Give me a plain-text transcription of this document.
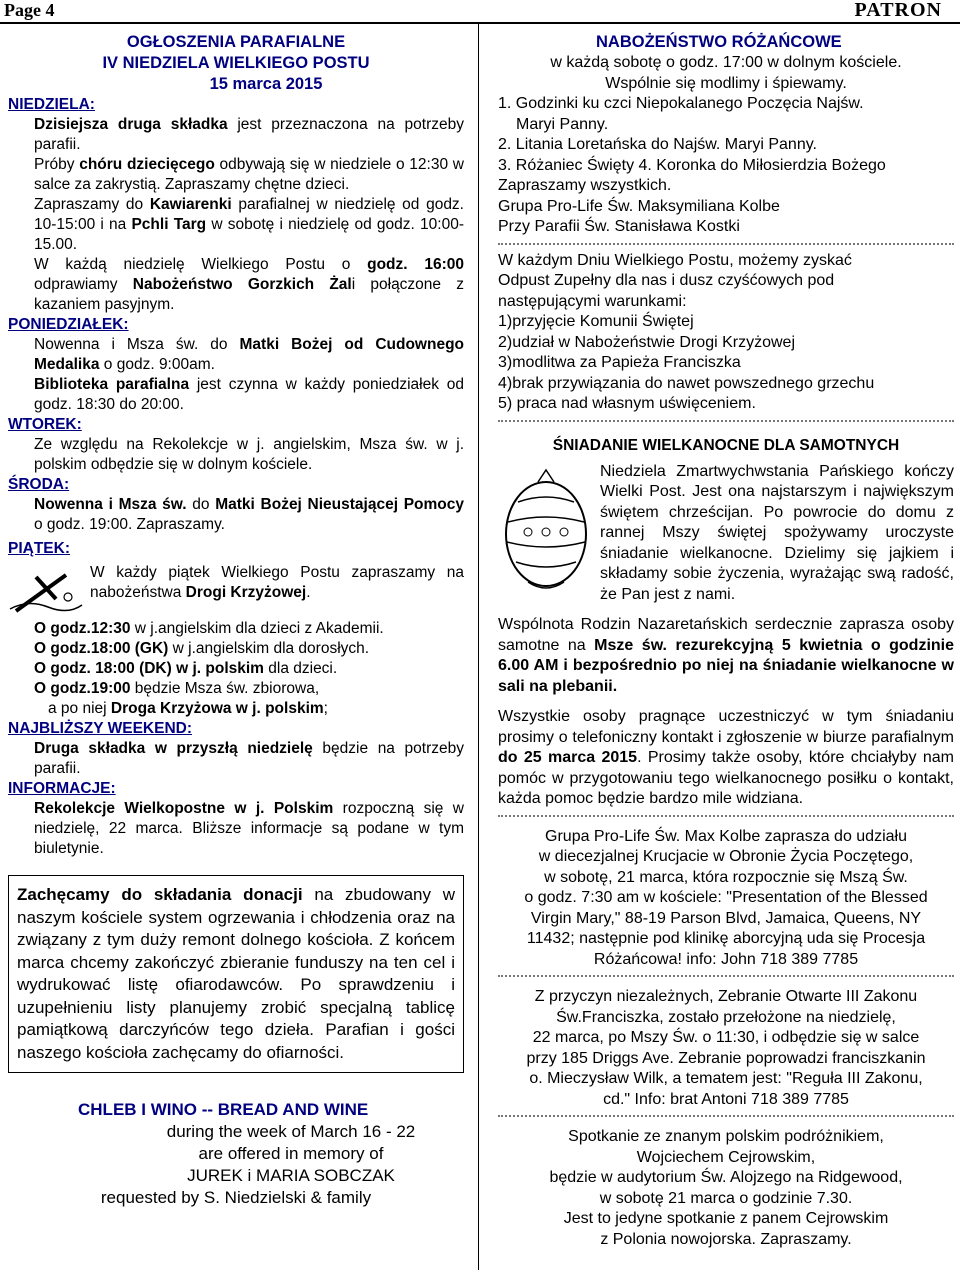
Page 4	PATRON
OGŁOSZENIA PARAFIALNE
IV NIEDZIELA WIELKIEGO POSTU
15 marca 2015
NIEDZIELA:

Dzisiejsza druga składka jest przeznaczona na potrzeby parafii.

Próby chóru dziecięcego odbywają się w niedziele o 12:30 w salce za zakrystią. Zapraszamy chętne dzieci.

Zapraszamy do Kawiarenki parafialnej w niedzielę od godz. 10-15:00 i na Pchli Targ w sobotę i niedzielę od godz. 10:00-15.00.

W każdą niedzielę Wielkiego Postu o godz. 16:00 odprawiamy Nabożeństwo Gorzkich Żali połączone z kazaniem pasyjnym.

PONIEDZIAŁEK:

Nowenna i Msza św. do Matki Bożej od Cudownego Medalika o godz. 9:00am.

Biblioteka parafialna jest czynna w każdy poniedziałek od godz. 18:30 do 20:00.

WTOREK:

Ze względu na Rekolekcje w j. angielskim, Msza św. w j. polskim odbędzie się w dolnym kościele.

ŚRODA:

Nowenna i Msza św. do Matki Bożej Nieustającej Pomocy o godz. 19:00. Zapraszamy.

PIĄTEK:

W każdy piątek Wielkiego Postu zapraszamy na nabożeństwa Drogi Krzyżowej.

O godz.12:30 w j.angielskim dla dzieci z Akademii.
O godz.18:00 (GK) w j.angielskim dla dorosłych.
O godz. 18:00 (DK) w j. polskim dla dzieci.
O godz.19:00 będzie Msza św. zbiorowa,
a po niej Droga Krzyżowa w j. polskim;
NAJBLIŻSZY WEEKEND:

Druga składka w przyszłą niedzielę będzie na potrzeby parafii.

INFORMACJE:

Rekolekcje Wielkopostne w j. Polskim rozpoczną się w niedzielę, 22 marca. Bliższe informacje są podane w tym biuletynie.

Zachęcamy do składania donacji na zbudowany w naszym kościele system ogrzewania i chłodzenia oraz na związany z tym duży remont dolnego kościoła. Z końcem marca chcemy zakończyć zbieranie funduszy na ten cel i wydrukować listę ofiarodawców. Po sprawdzeniu i uzupełnieniu listy planujemy zrobić specjalną tablicę pamiątkową darczyńców tego dzieła. Parafian i gości naszego kościoła zachęcamy do ofiarności.
CHLEB I WINO -- BREAD AND WINE
during the week of March 16 - 22
are offered in memory of
JUREK i MARIA SOBCZAK
requested by S. Niedzielski & family
NABOŻEŃSTWO RÓŻAŃCOWE
w każdą sobotę o godz. 17:00 w dolnym kościele.
Wspólnie się modlimy i śpiewamy.
1. Godzinki ku czci Niepokalanego Poczęcia Najśw.
Maryi Panny.
2. Litania Loretańska do Najśw. Maryi Panny.
3. Różaniec Święty 4. Koronka do Miłosierdzia Bożego
Zapraszamy wszystkich.
Grupa Pro-Life Św. Maksymiliana Kolbe
Przy Parafii Św. Stanisława Kostki
W każdym Dniu Wielkiego Postu, możemy zyskać
Odpust Zupełny dla nas i dusz czyśćowych pod
następującymi warunkami:
1)przyjęcie Komunii Świętej
2)udział w Nabożeństwie Drogi Krzyżowej
3)modlitwa za Papieża Franciszka
4)brak przywiązania do nawet powszednego grzechu
5) praca nad własnym uświęceniem.
ŚNIADANIE WIELKANOCNE DLA SAMOTNYCH

Niedziela Zmartwychwstania Pańskiego kończy Wielki Post. Jest ona najstarszym i największym świętem chrześcijan. Po powrocie do domu z rannej Mszy świętej spożywamy uroczyste śniadanie wielkanocne. Dzielimy się jajkiem i składamy sobie życzenia, wyrażając swą radość, że Pan jest z nami.

Wspólnota Rodzin Nazaretańskich serdecznie zaprasza osoby samotne na Msze św. rezurekcyjną 5 kwietnia o godzinie 6.00 AM i bezpośrednio po niej na śniadanie wielkanocne w sali na plebanii.

Wszystkie osoby pragnące uczestniczyć w tym śniadaniu prosimy o telefoniczny kontakt i zgłoszenie w biurze parafialnym do 25 marca 2015. Prosimy także osoby, które chciałyby nam pomóc w przygotowaniu tego wielkanocnego posiłku o kontakt, każda pomoc będzie bardzo mile widziana.

Grupa Pro-Life Św. Max Kolbe zaprasza do udziału
w diecezjalnej Krucjacie w Obronie Życia Poczętego,
w sobotę, 21 marca, która rozpocznie się Mszą Św.
o godz. 7:30 am w kościele: "Presentation of the Blessed
Virgin Mary," 88-19 Parson Blvd, Jamaica, Queens, NY
11432; następnie pod klinikę aborcyjną uda się Procesja
Różańcowa! info: John 718 389 7785
Z przyczyn niezależnych, Zebranie Otwarte III Zakonu
Św.Franciszka, zostało przełożone na niedzielę,
22 marca, po Mszy Św. o 11:30, i odbędzie się w salce
przy 185 Driggs Ave. Zebranie poprowadzi franciszkanin
o. Mieczysław Wilk, a tematem jest: "Reguła III Zakonu,
cd." Info: brat Antoni 718 389 7785
Spotkanie ze znanym polskim podróżnikiem,
Wojciechem Cejrowskim,
będzie w audytorium Św. Alojzego na Ridgewood,
w sobotę 21 marca o godzinie 7.30.
Jest to jedyne spotkanie z panem Cejrowskim
z Polonia nowojorska. Zapraszamy.
